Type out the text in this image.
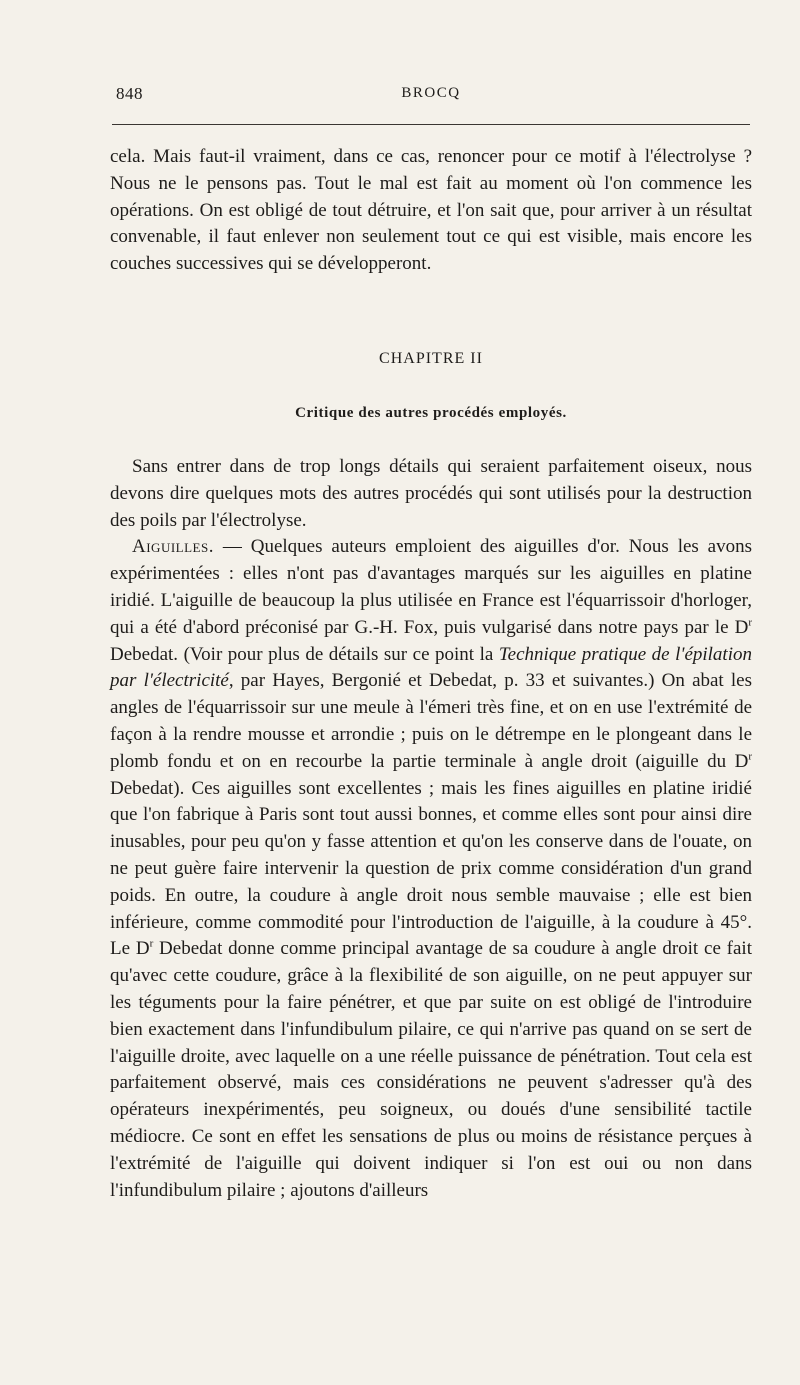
848	BROCQ

cela. Mais faut-il vraiment, dans ce cas, renoncer pour ce motif à l'électrolyse ? Nous ne le pensons pas. Tout le mal est fait au moment où l'on commence les opérations. On est obligé de tout détruire, et l'on sait que, pour arriver à un résultat convenable, il faut enlever non seulement tout ce qui est visible, mais encore les couches successives qui se développeront.

CHAPITRE II
Critique des autres procédés employés.

Sans entrer dans de trop longs détails qui seraient parfaitement oiseux, nous devons dire quelques mots des autres procédés qui sont utilisés pour la destruction des poils par l'électrolyse.

Aiguilles. — Quelques auteurs emploient des aiguilles d'or. Nous les avons expérimentées : elles n'ont pas d'avantages marqués sur les aiguilles en platine iridié. L'aiguille de beaucoup la plus utilisée en France est l'équarrissoir d'horloger, qui a été d'abord préconisé par G.-H. Fox, puis vulgarisé dans notre pays par le $D^r$ Debedat. (Voir pour plus de détails sur ce point la Technique pratique de l'épilation par l'électricité, par Hayes, Bergonié et Debedat, p. 33 et suivantes.) On abat les angles de l'équarrissoir sur une meule à l'émeri très fine, et on en use l'extrémité de façon à la rendre mousse et arrondie ; puis on le détrempe en le plongeant dans le plomb fondu et on en recourbe la partie terminale à angle droit (aiguille du $D^r$ Debedat). Ces aiguilles sont excellentes ; mais les fines aiguilles en platine iridié que l'on fabrique à Paris sont tout aussi bonnes, et comme elles sont pour ainsi dire inusables, pour peu qu'on y fasse attention et qu'on les conserve dans de l'ouate, on ne peut guère faire intervenir la question de prix comme considération d'un grand poids. En outre, la coudure à angle droit nous semble mauvaise ; elle est bien inférieure, comme commodité pour l'introduction de l'aiguille, à la coudure à 45°. Le $D^r$ Debedat donne comme principal avantage de sa coudure à angle droit ce fait qu'avec cette coudure, grâce à la flexibilité de son aiguille, on ne peut appuyer sur les téguments pour la faire pénétrer, et que par suite on est obligé de l'introduire bien exactement dans l'infundibulum pilaire, ce qui n'arrive pas quand on se sert de l'aiguille droite, avec laquelle on a une réelle puissance de pénétration. Tout cela est parfaitement observé, mais ces considérations ne peuvent s'adresser qu'à des opérateurs inexpérimentés, peu soigneux, ou doués d'une sensibilité tactile médiocre. Ce sont en effet les sensations de plus ou moins de résistance perçues à l'extrémité de l'aiguille qui doivent indiquer si l'on est oui ou non dans l'infundibulum pilaire ; ajoutons d'ailleurs
